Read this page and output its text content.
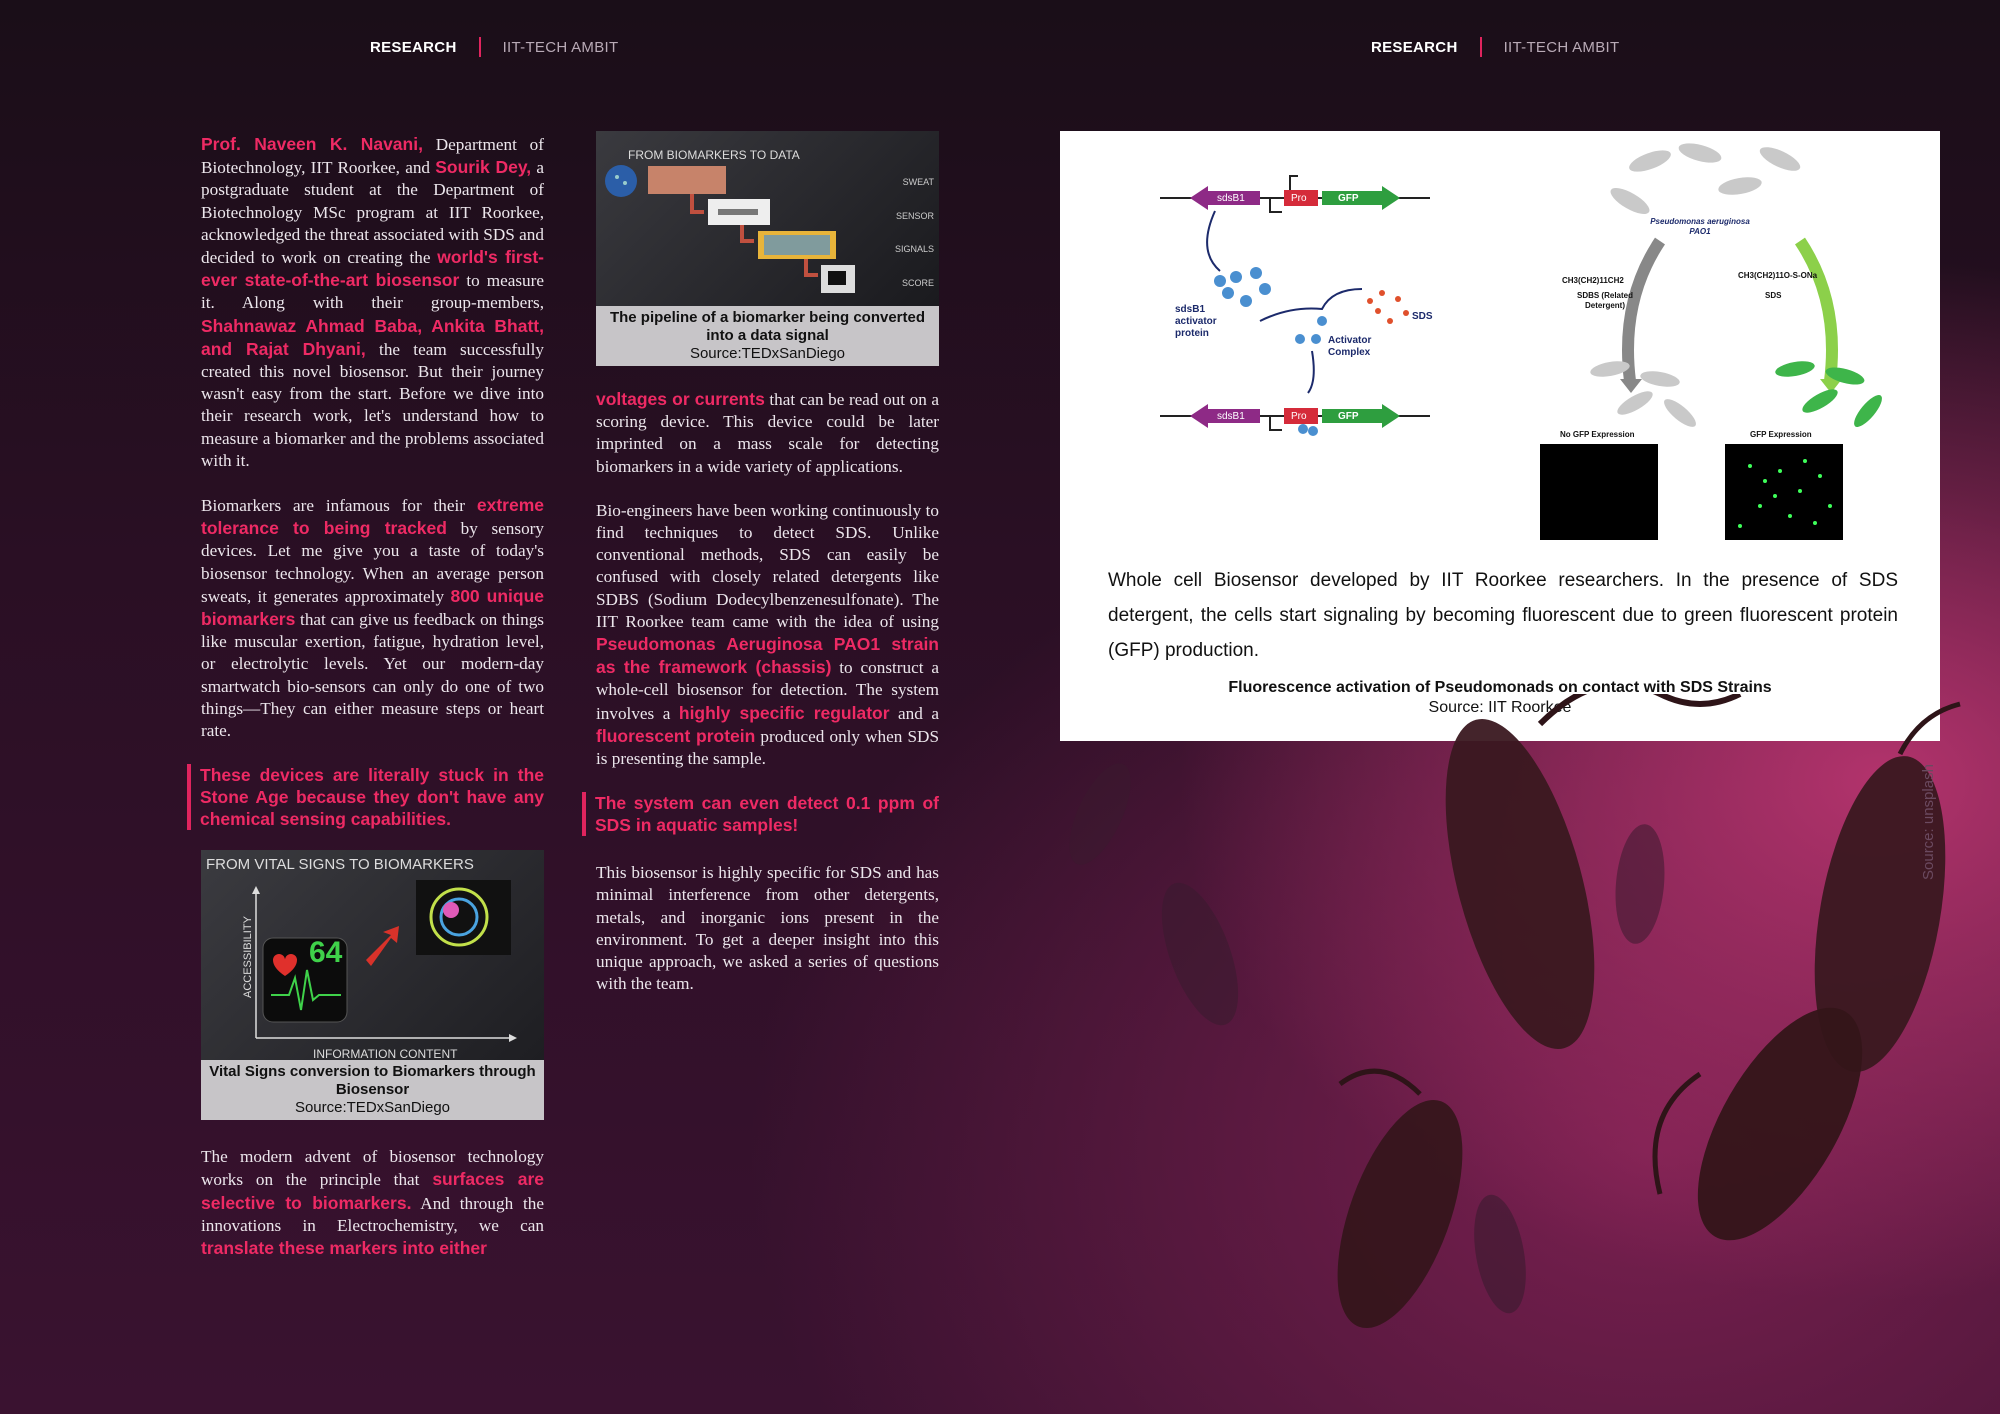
RESEARCH	IIT-TECH AMBIT	RESEARCH	IIT-TECH AMBIT

Prof. Naveen K. Navani, Department of Biotechnology, IIT Roorkee, and Sourik Dey, a postgraduate student at the Department of Biotechnology MSc program at IIT Roorkee, acknowledged the threat associated with SDS and decided to work on creating the world's first-ever state-of-the-art biosensor to measure it. Along with their group-members, Shahnawaz Ahmad Baba, Ankita Bhatt, and Rajat Dhyani, the team successfully created this novel biosensor. But their journey wasn't easy from the start. Before we dive into their research work, let's understand how to measure a biomarker and the problems associated with it.

Biomarkers are infamous for their extreme tolerance to being tracked by sensory devices. Let me give you a taste of today's biosensor technology. When an average person sweats, it generates approximately 800 unique biomarkers that can give us feedback on things like muscular exertion, fatigue, hydration level, or electrolytic levels. Yet our modern-day smartwatch bio-sensors can only do one of two things—They can either measure steps or heart rate.

These devices are literally stuck in the Stone Age because they don't have any chemical sensing capabilities.
FROM VITAL SIGNS TO BIOMARKERS
64
ACCESSIBILITY
INFORMATION CONTENT
Vital Signs conversion to Biomarkers through Biosensor
Source:TEDxSanDiego

The modern advent of biosensor technology works on the principle that surfaces are selective to biomarkers. And through the innovations in Electrochemistry, we can translate these markers into either

FROM BIOMARKERS TO DATA
SWEAT
SENSOR
SIGNALS
SCORE
The pipeline of a biomarker being converted into a data signal
Source:TEDxSanDiego

voltages or currents that can be read out on a scoring device. This device could be later imprinted on a mass scale for detecting biomarkers in a wide variety of applications.

Bio-engineers have been working continuously to find techniques to detect SDS. Unlike conventional methods, SDS can easily be confused with closely related detergents like SDBS (Sodium Dodecylbenzenesulfonate). The IIT Roorkee team came with the idea of using Pseudomonas Aeruginosa PAO1 strain as the framework (chassis) to construct a whole-cell biosensor for detection. The system involves a highly specific regulator and a fluorescent protein produced only when SDS is presenting the sample.

The system can even detect 0.1 ppm of SDS in aquatic samples!

This biosensor is highly specific for SDS and has minimal interference from other detergents, metals, and inorganic ions present in the environment. To get a deeper insight into this unique approach, we asked a series of questions with the team.

sdsB1	Pro	GFP
sdsB1 activator protein
Activator Complex
SDS
sdsB1	Pro	GFP
Pseudomonas aeruginosa PAO1
CH3(CH2)11CH2
CH3(CH2)11O-S-ONa
SDBS (Related Detergent)
SDS
No GFP Expression	GFP Expression
Whole cell Biosensor developed by IIT Roorkee researchers. In the presence of SDS detergent, the cells start signaling by becoming fluorescent due to green fluorescent protein (GFP) production.
Fluorescence activation of Pseudomonads on contact with SDS Strains
Source: IIT Roorkee
Source: unsplash
